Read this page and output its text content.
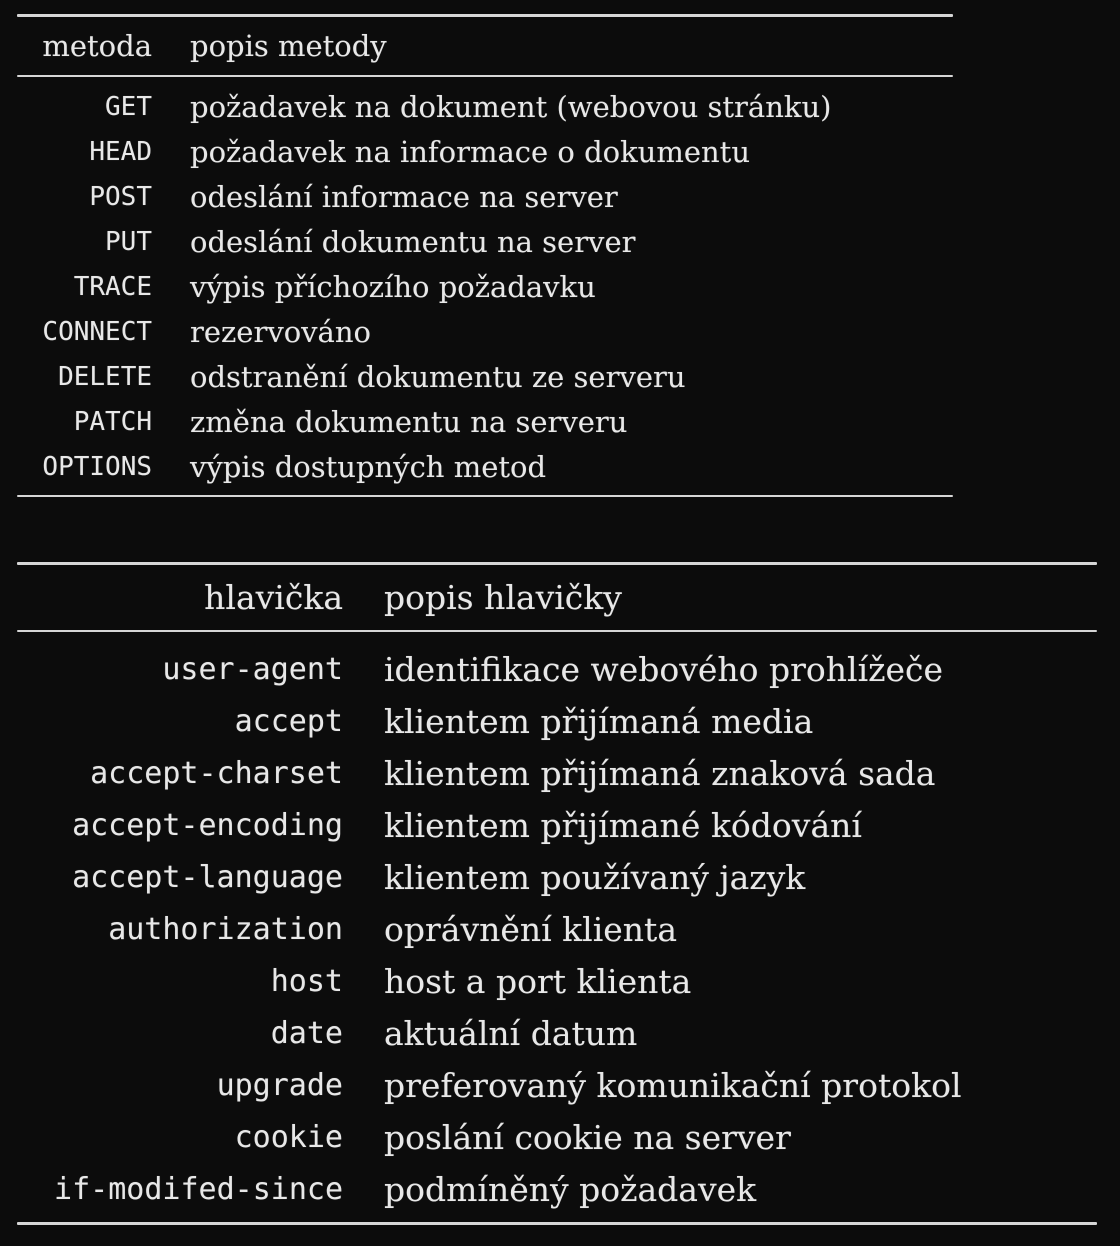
metoda popis metody
GET požadavek na dokument (webovou stránku)
HEAD požadavek na informace o dokumentu
POST odeslání informace na server
PUT odeslání dokumentu na server
TRACE výpis příchozího požadavku
CONNECT rezervováno
DELETE odstranění dokumentu ze serveru
PATCH změna dokumentu na serveru
OPTIONS výpis dostupných metod
hlavička popis hlavičky
user-agent identifikace webového prohlížeče
accept klientem přijímaná media
accept-charset klientem přijímaná znaková sada
accept-encoding klientem přijímané kódování
accept-language klientem používaný jazyk
authorization oprávnění klienta
host host a port klienta
date aktuální datum
upgrade preferovaný komunikační protokol
cookie poslání cookie na server
if-modifed-since podmíněný požadavek
